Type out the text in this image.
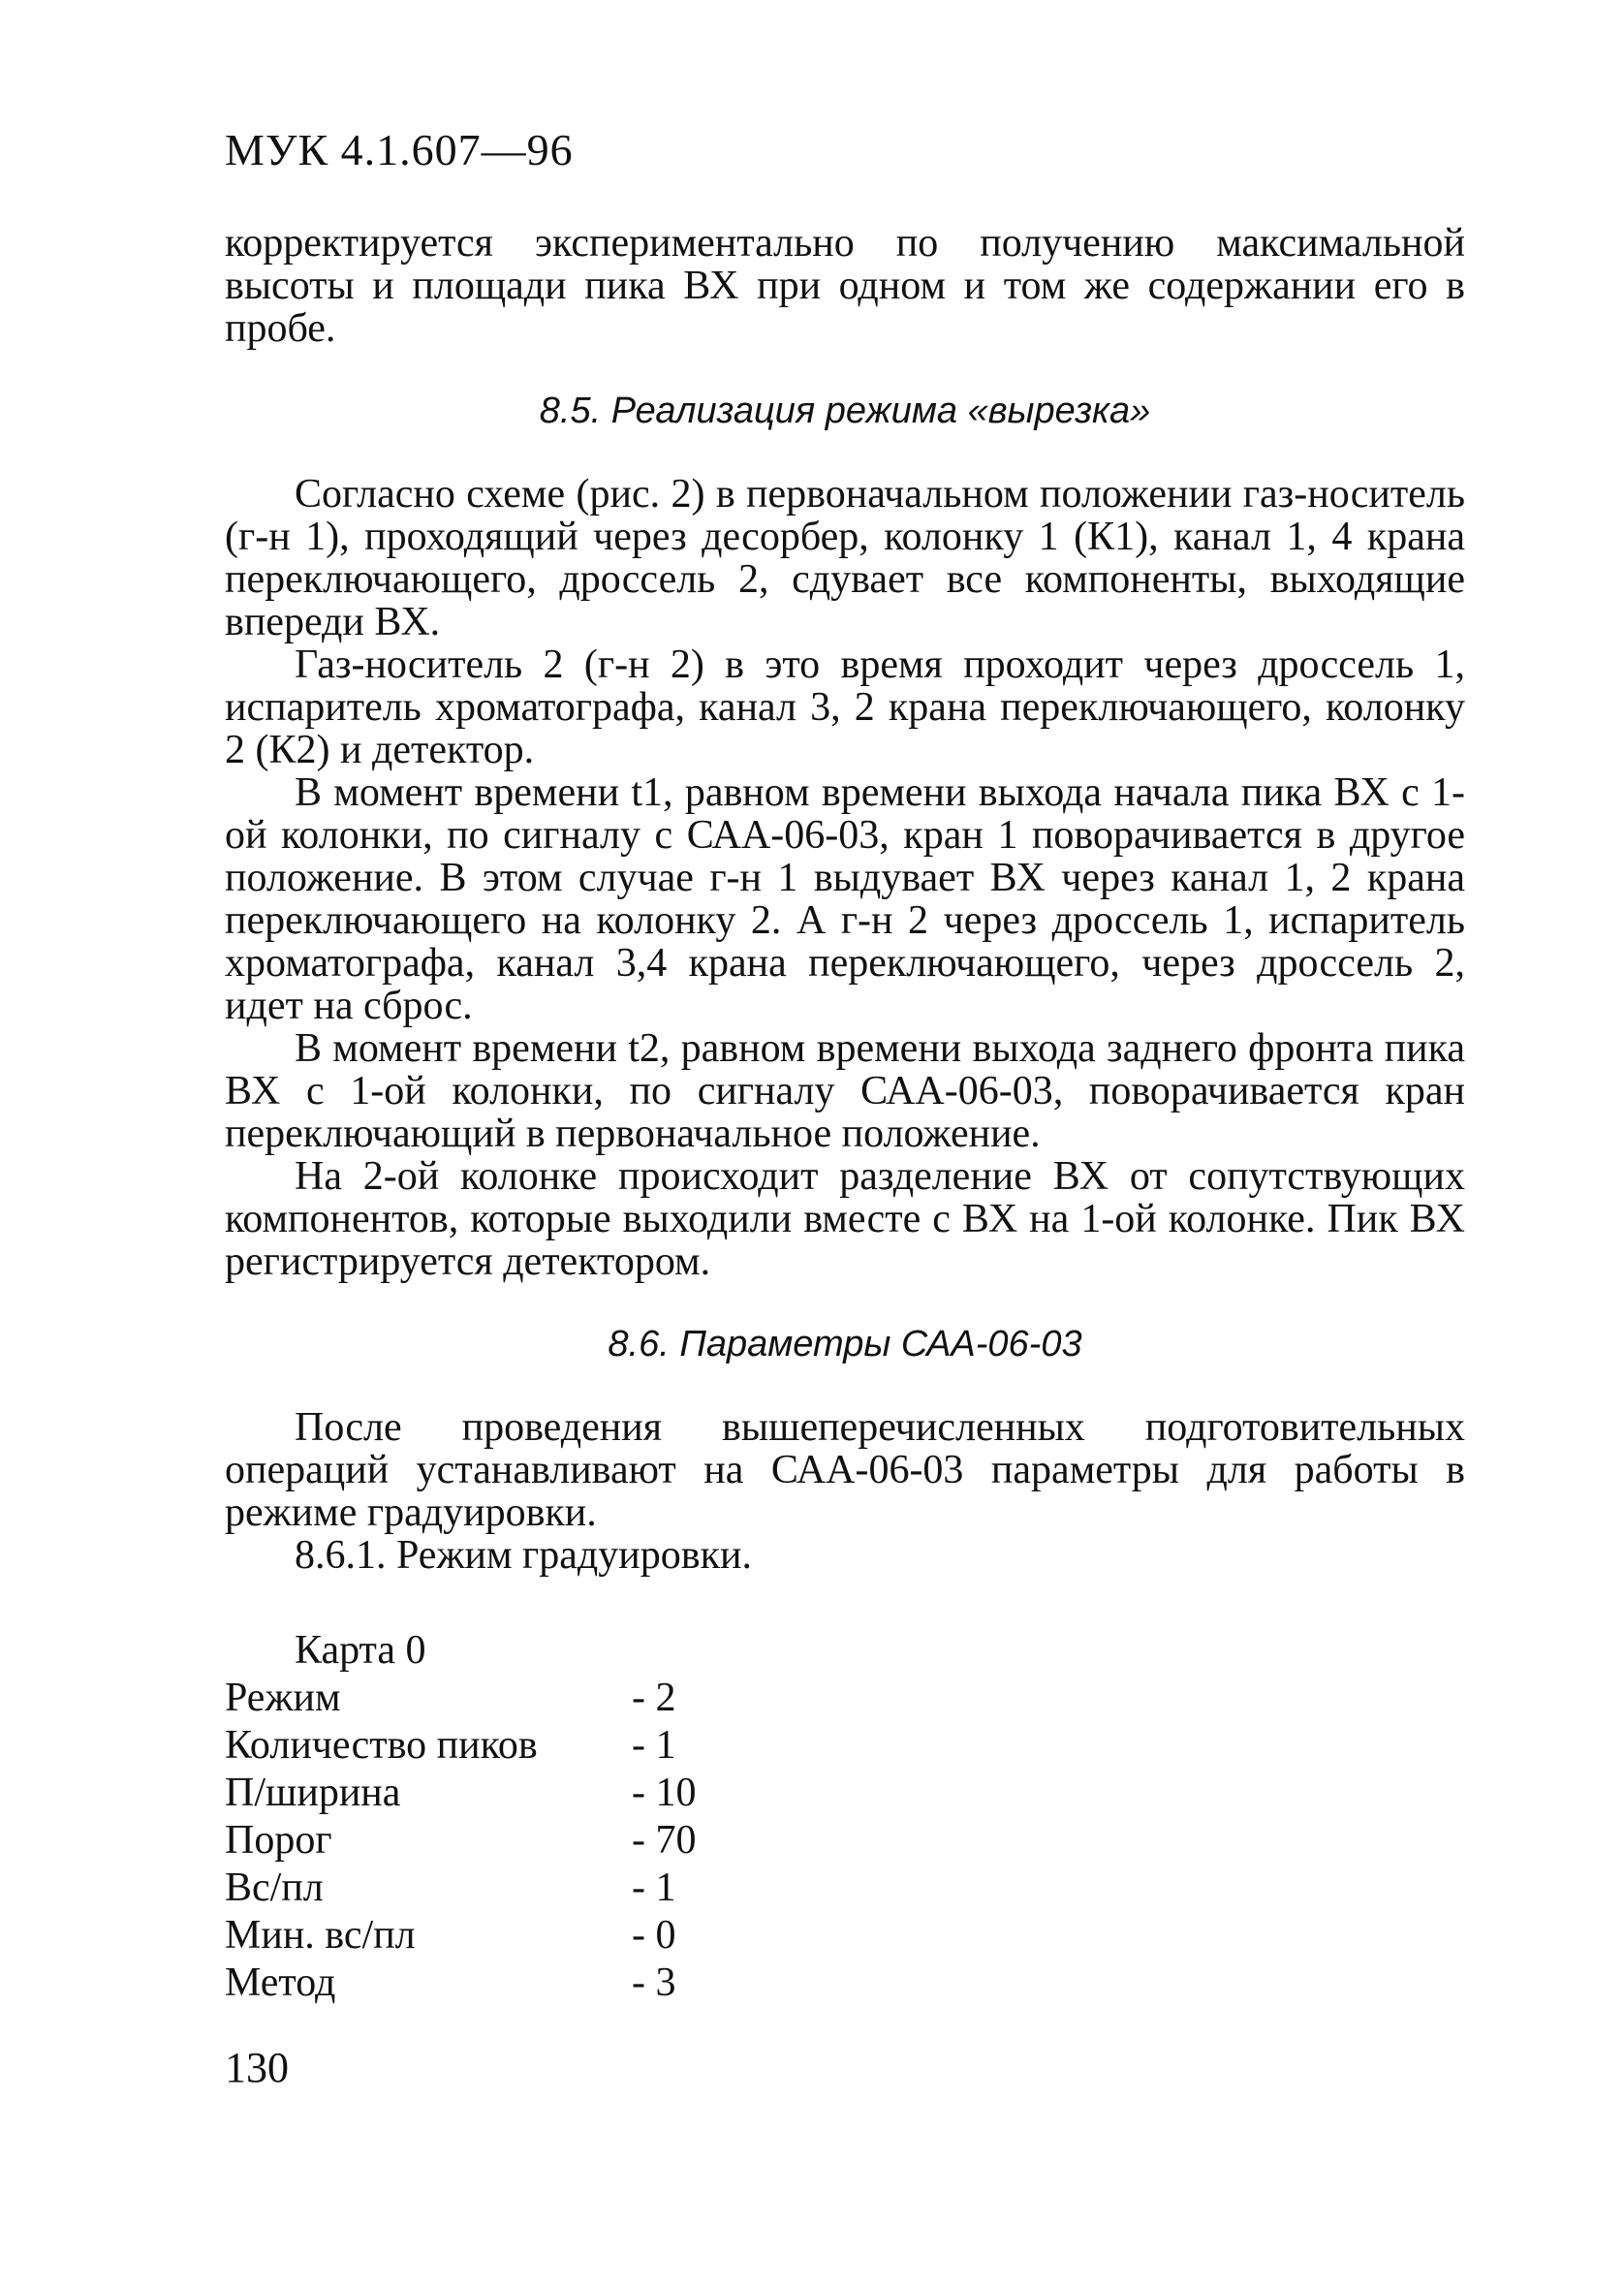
МУК 4.1.607—96

корректируется экспериментально по получению максимальной высоты и площади пика ВХ при одном и том же содержании его в пробе.

8.5. Реализация режима «вырезка»

Согласно схеме (рис. 2) в первоначальном положении газ-носитель (г-н 1), проходящий через десорбер, колонку 1 (К1), канал 1, 4 крана переключающего, дроссель 2, сдувает все компоненты, выходящие впереди ВХ.

Газ-носитель 2 (г-н 2) в это время проходит через дроссель 1, испаритель хроматографа, канал 3, 2 крана переключающего, колонку 2 (К2) и детектор.

В момент времени t1, равном времени выхода начала пика ВХ с 1-ой колонки, по сигналу с САА-06-03, кран 1 поворачивается в другое положение. В этом случае г-н 1 выдувает ВХ через канал 1, 2 крана переключающего на колонку 2. А г-н 2 через дроссель 1, испаритель хроматографа, канал 3,4 крана переключающего, через дроссель 2, идет на сброс.

В момент времени t2, равном времени выхода заднего фронта пика ВХ с 1-ой колонки, по сигналу САА-06-03, поворачивается кран переключающий в первоначальное положение.

На 2-ой колонке происходит разделение ВХ от сопутствующих компонентов, которые выходили вместе с ВХ на 1-ой колонке. Пик ВХ регистрируется детектором.

8.6. Параметры САА-06-03

После проведения вышеперечисленных подготовительных операций устанавливают на САА-06-03 параметры для работы в режиме градуировки.

8.6.1. Режим градуировки.

Карта 0
Режим	- 2
Количество пиков	- 1
П/ширина	- 10
Порог	- 70
Вс/пл	- 1
Мин. вс/пл	- 0
Метод	- 3
130
